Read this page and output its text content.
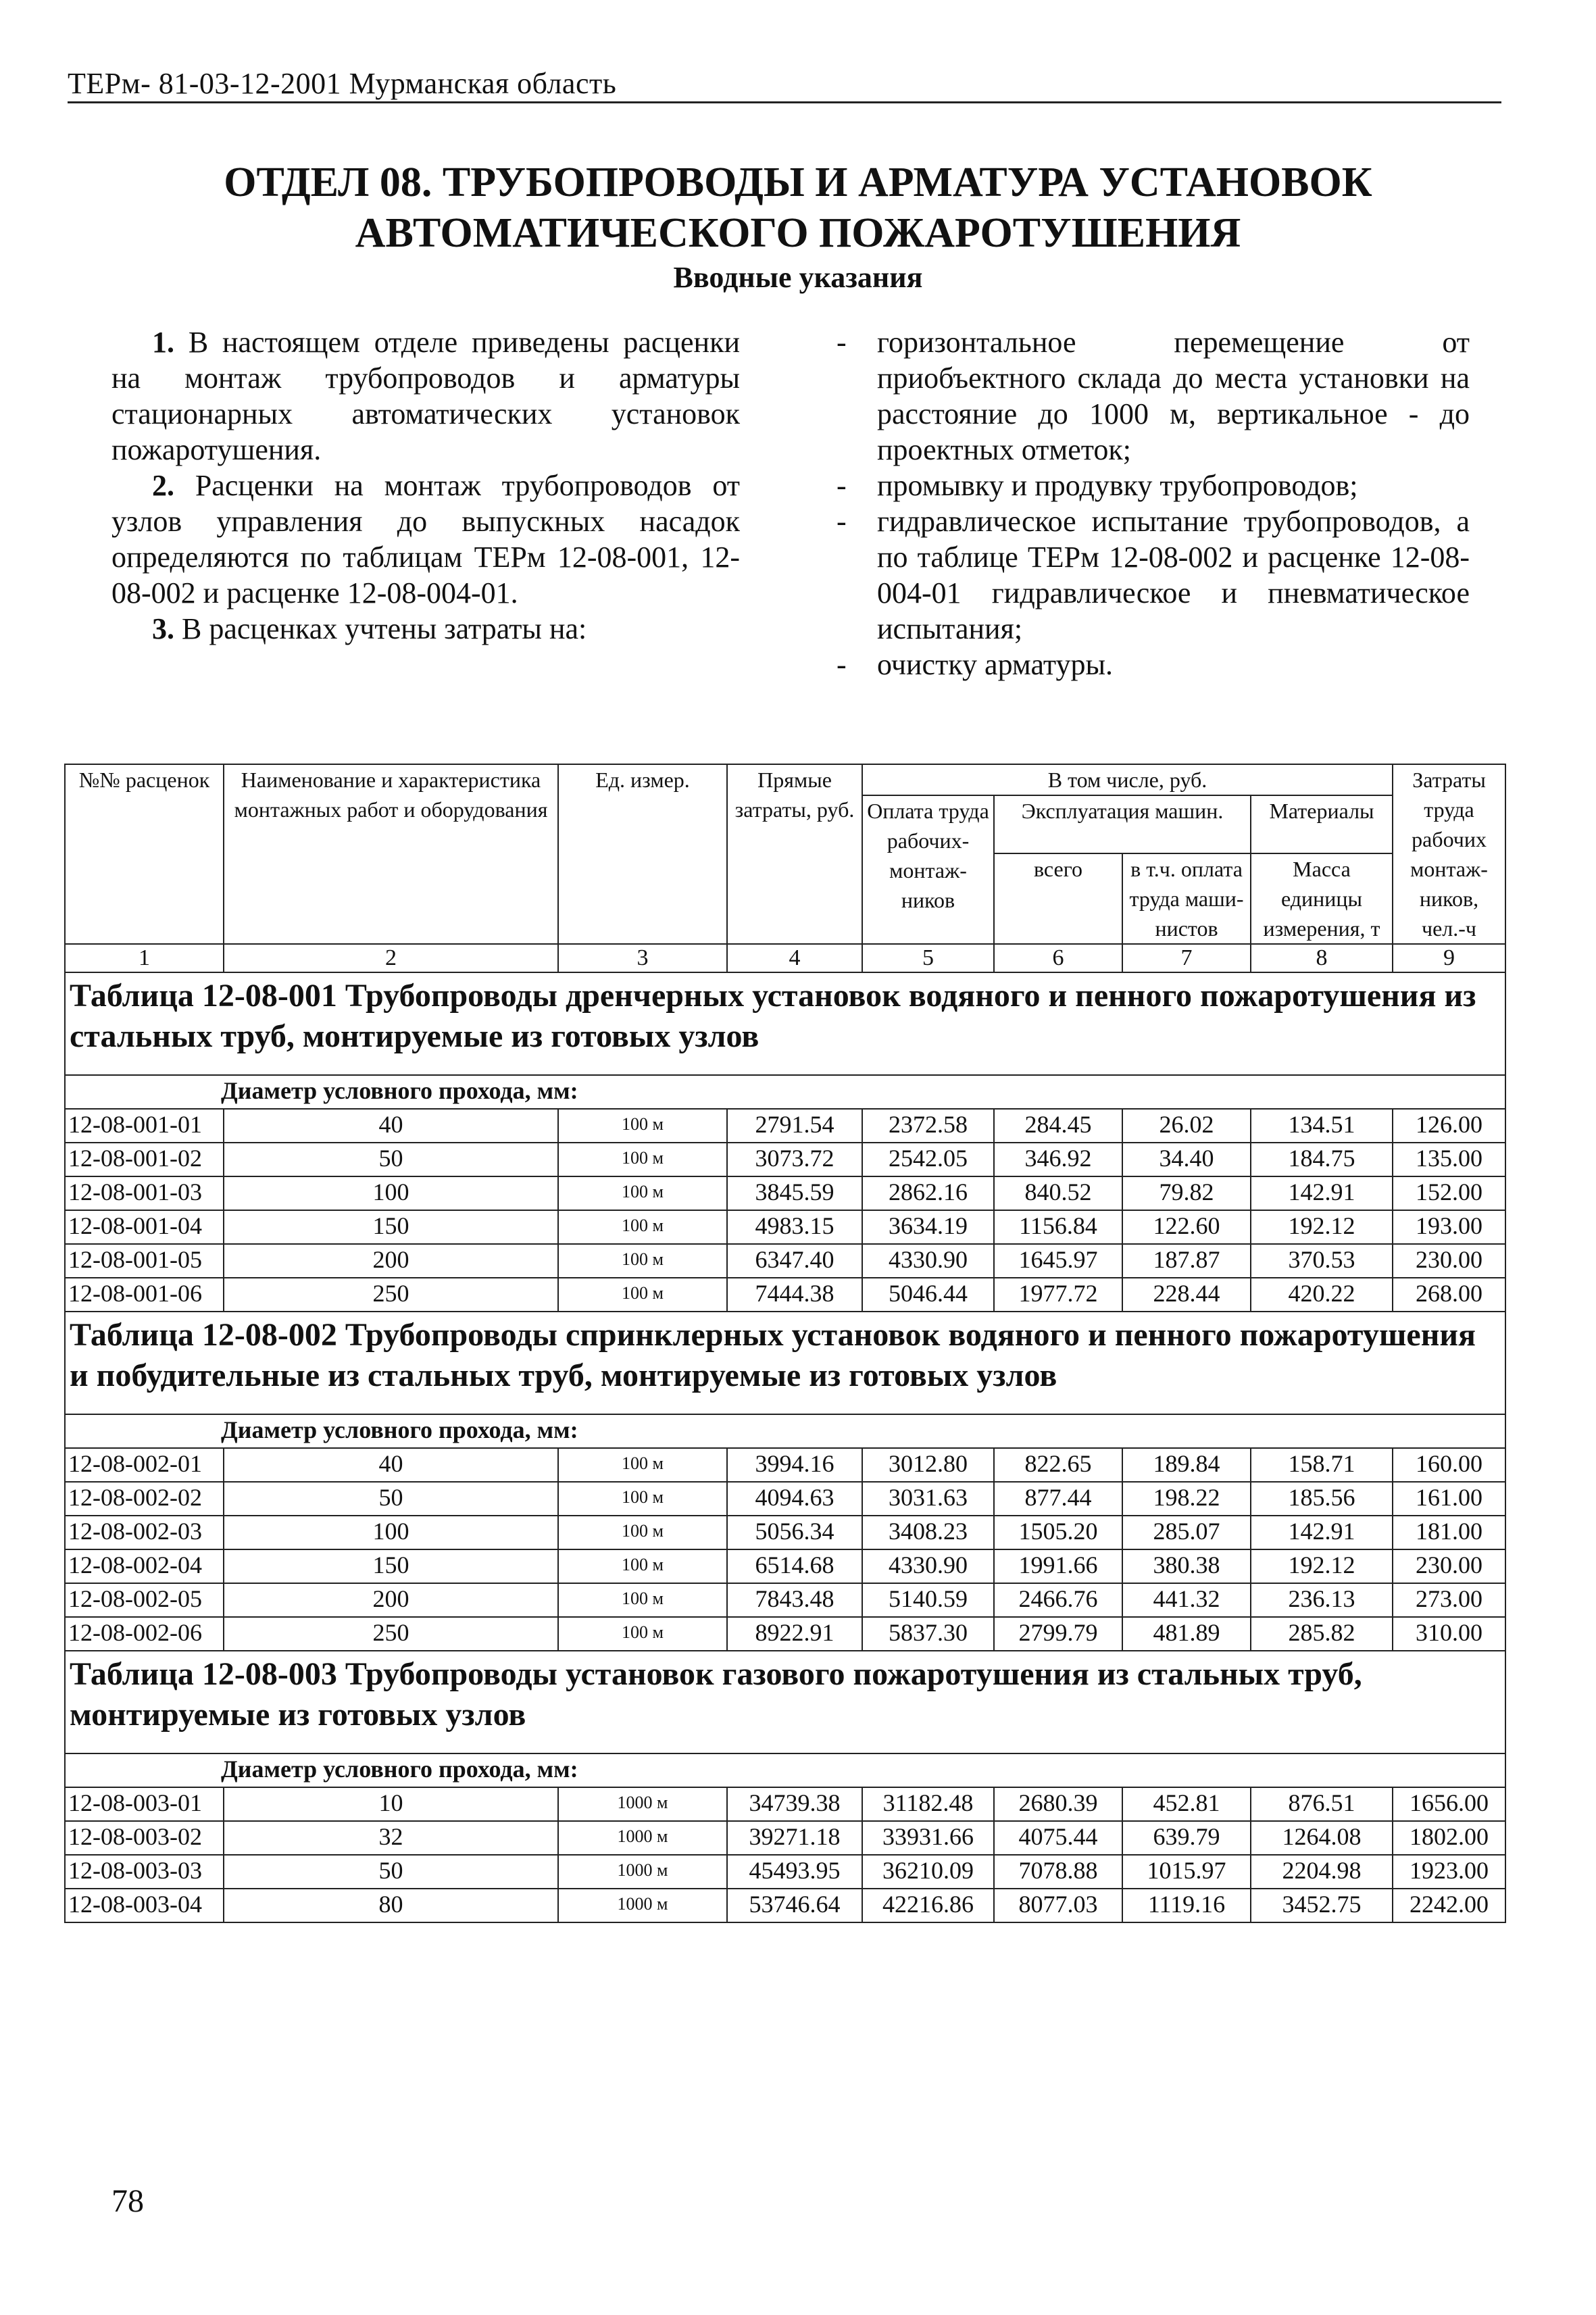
ТЕРм- 81-03-12-2001 Мурманская область
ОТДЕЛ 08. ТРУБОПРОВОДЫ И АРМАТУРА УСТАНОВОК
АВТОМАТИЧЕСКОГО ПОЖАРОТУШЕНИЯ
Вводные указания

1. В настоящем отделе приведены расценки на монтаж трубопроводов и арматуры стационарных автоматических установок пожаротушения.

2. Расценки на монтаж трубопроводов от узлов управления до выпускных насадок определяются по таблицам ТЕРм 12-08-001, 12-08-002 и расценке 12-08-004-01.

3. В расценках учтены затраты на:

-	горизонтальное перемещение от приобъектного склада до места установки на расстояние до 1000 м, вертикальное - до проектных отметок;
-	промывку и продувку трубопроводов;
-	гидравлическое испытание трубопроводов, а по таблице ТЕРм 12-08-002 и расценке 12-08-004-01 гидравлическое и пневматическое испытания;
-	очистку арматуры.
№№ расценок	Наименование и характеристика монтажных работ и оборудования	Ед. измер.	Прямые затраты, руб.	В том числе, руб.				Затраты труда рабочих монтаж-ников, чел.-ч
				Оплата труда рабочих-монтаж-ников	Эксплуатация машин.		Материалы	
					всего	в т.ч. оплата труда маши-нистов	Масса единицы измерения, т	
1	2	3	4	5	6	7	8	9
Таблица 12-08-001 Трубопроводы дренчерных установок водяного и пенного пожаротушения из стальных труб, монтируемые из готовых узлов								
Диаметр условного прохода, мм:								
12-08-001-01	40	100 м	2791.54	2372.58	284.45	26.02	134.51	126.00
12-08-001-02	50	100 м	3073.72	2542.05	346.92	34.40	184.75	135.00
12-08-001-03	100	100 м	3845.59	2862.16	840.52	79.82	142.91	152.00
12-08-001-04	150	100 м	4983.15	3634.19	1156.84	122.60	192.12	193.00
12-08-001-05	200	100 м	6347.40	4330.90	1645.97	187.87	370.53	230.00
12-08-001-06	250	100 м	7444.38	5046.44	1977.72	228.44	420.22	268.00
Таблица 12-08-002 Трубопроводы спринклерных установок водяного и пенного пожаротушения и побудительные из стальных труб, монтируемые из готовых узлов								
Диаметр условного прохода, мм:								
12-08-002-01	40	100 м	3994.16	3012.80	822.65	189.84	158.71	160.00
12-08-002-02	50	100 м	4094.63	3031.63	877.44	198.22	185.56	161.00
12-08-002-03	100	100 м	5056.34	3408.23	1505.20	285.07	142.91	181.00
12-08-002-04	150	100 м	6514.68	4330.90	1991.66	380.38	192.12	230.00
12-08-002-05	200	100 м	7843.48	5140.59	2466.76	441.32	236.13	273.00
12-08-002-06	250	100 м	8922.91	5837.30	2799.79	481.89	285.82	310.00
Таблица 12-08-003 Трубопроводы установок газового пожаротушения из стальных труб, монтируемые из готовых узлов								
Диаметр условного прохода, мм:								
12-08-003-01	10	1000 м	34739.38	31182.48	2680.39	452.81	876.51	1656.00
12-08-003-02	32	1000 м	39271.18	33931.66	4075.44	639.79	1264.08	1802.00
12-08-003-03	50	1000 м	45493.95	36210.09	7078.88	1015.97	2204.98	1923.00
12-08-003-04	80	1000 м	53746.64	42216.86	8077.03	1119.16	3452.75	2242.00
78
